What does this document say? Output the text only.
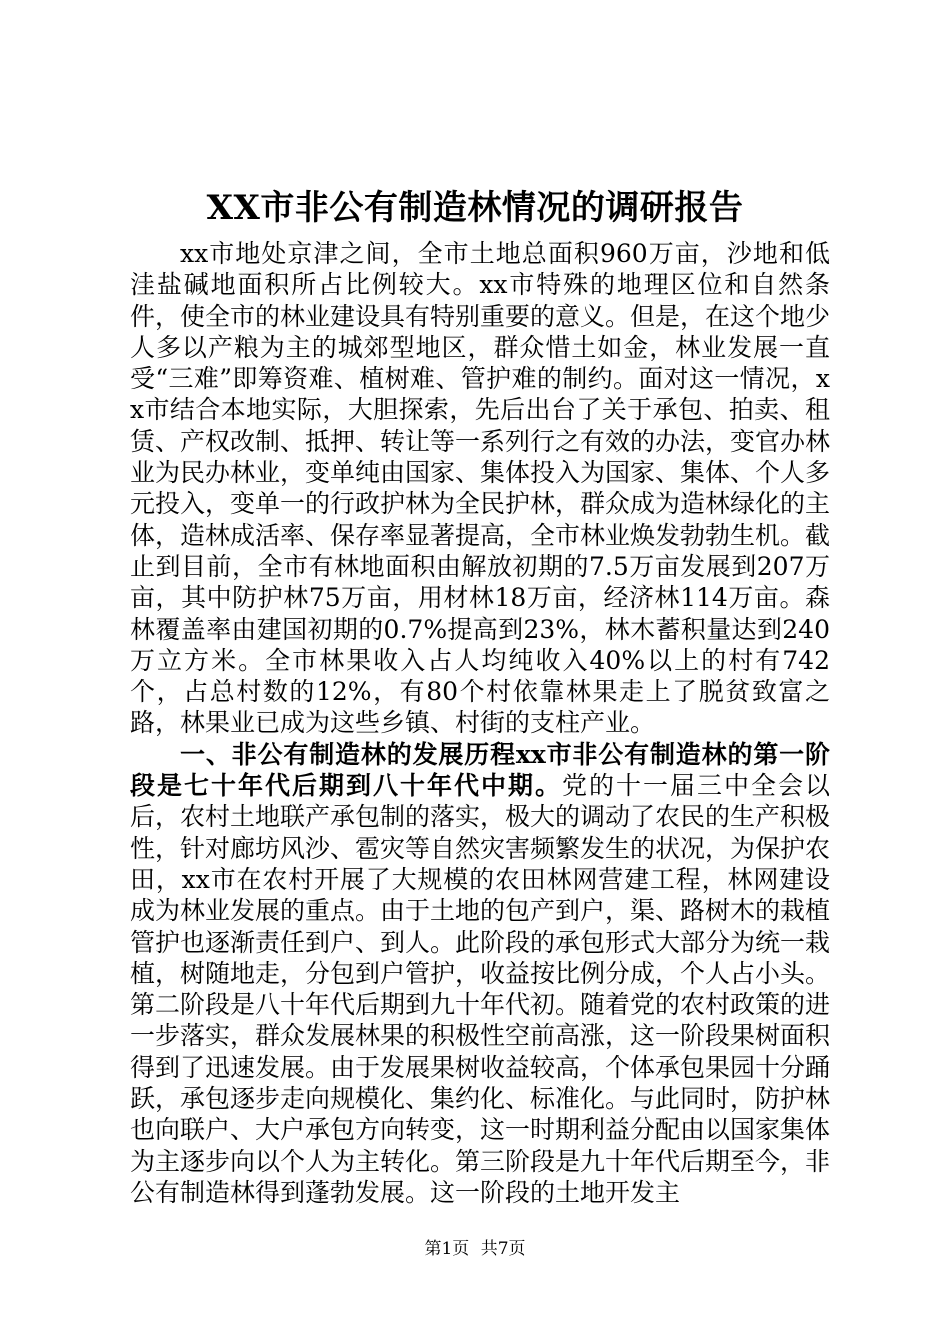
XX市非公有制造林情况的调研报告

xx市地处京津之间，全市土地总面积960万亩，沙地和低洼盐碱地面积所占比例较大。xx市特殊的地理区位和自然条件，使全市的林业建设具有特别重要的意义。但是，在这个地少人多以产粮为主的城郊型地区，群众惜土如金，林业发展一直受“三难”即筹资难、植树难、管护难的制约。面对这一情况，xx市结合本地实际，大胆探索，先后出台了关于承包、拍卖、租赁、产权改制、抵押、转让等一系列行之有效的办法，变官办林业为民办林业，变单纯由国家、集体投入为国家、集体、个人多元投入，变单一的行政护林为全民护林，群众成为造林绿化的主体，造林成活率、保存率显著提高，全市林业焕发勃勃生机。截止到目前，全市有林地面积由解放初期的7.5万亩发展到207万亩，其中防护林75万亩，用材林18万亩，经济林114万亩。森林覆盖率由建国初期的0.7%提高到23%，林木蓄积量达到240万立方米。全市林果收入占人均纯收入40%以上的村有742个，占总村数的12%，有80个村依靠林果走上了脱贫致富之路，林果业已成为这些乡镇、村街的支柱产业。

一、非公有制造林的发展历程xx市非公有制造林的第一阶段是七十年代后期到八十年代中期。党的十一届三中全会以后，农村土地联产承包制的落实，极大的调动了农民的生产积极性，针对廊坊风沙、雹灾等自然灾害频繁发生的状况，为保护农田，xx市在农村开展了大规模的农田林网营建工程，林网建设成为林业发展的重点。由于土地的包产到户，渠、路树木的栽植管护也逐渐责任到户、到人。此阶段的承包形式大部分为统一栽植，树随地走，分包到户管护，收益按比例分成，个人占小头。第二阶段是八十年代后期到九十年代初。随着党的农村政策的进一步落实，群众发展林果的积极性空前高涨，这一阶段果树面积得到了迅速发展。由于发展果树收益较高，个体承包果园十分踊跃，承包逐步走向规模化、集约化、标准化。与此同时，防护林也向联户、大户承包方向转变，这一时期利益分配由以国家集体为主逐步向以个人为主转化。第三阶段是九十年代后期至今，非公有制造林得到蓬勃发展。这一阶段的土地开发主

第1页 共7页
